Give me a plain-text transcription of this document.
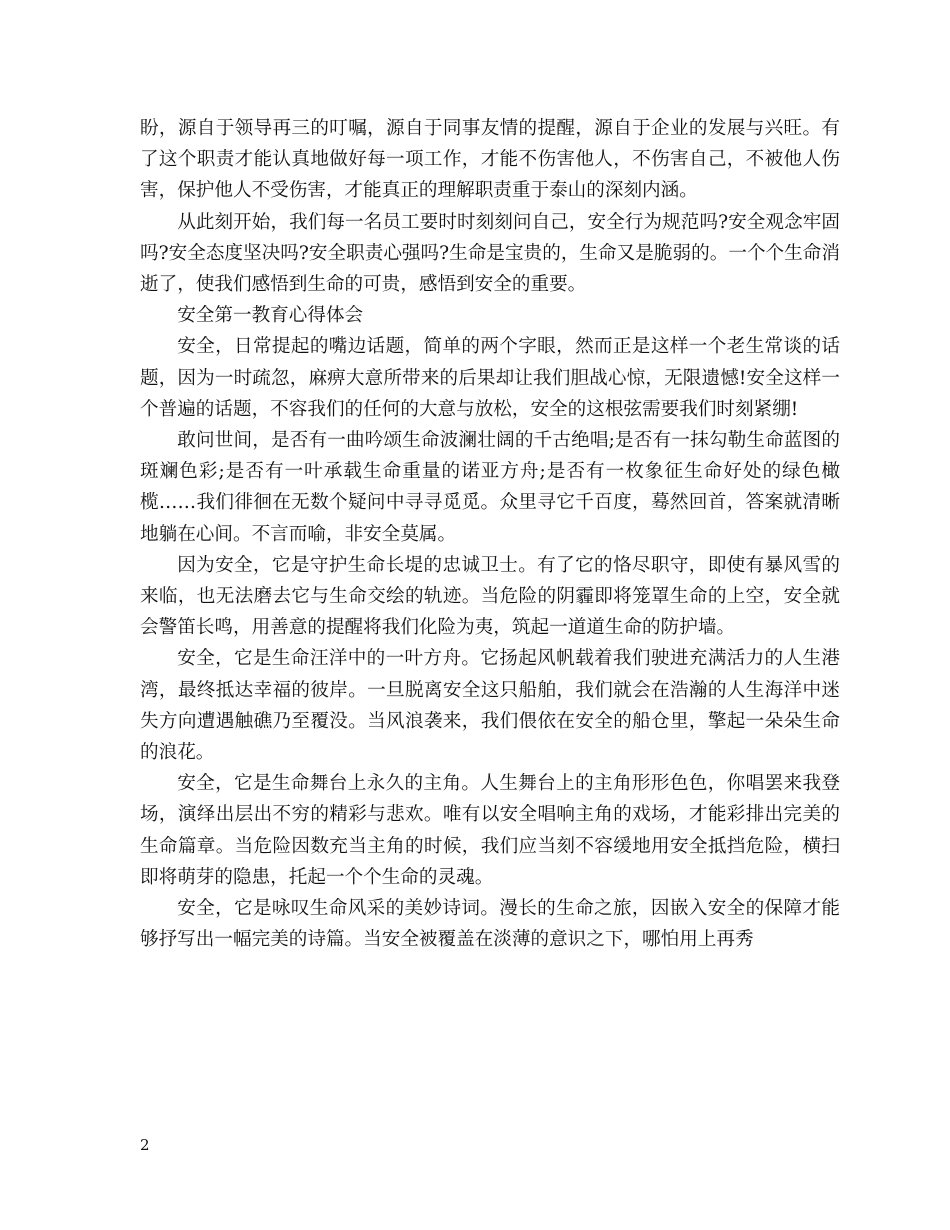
盼，源自于领导再三的叮嘱，源自于同事友情的提醒，源自于企业的发展与兴旺。有了这个职责才能认真地做好每一项工作，才能不伤害他人，不伤害自己，不被他人伤害，保护他人不受伤害，才能真正的理解职责重于泰山的深刻内涵。

从此刻开始，我们每一名员工要时时刻刻问自己，安全行为规范吗?安全观念牢固吗?安全态度坚决吗?安全职责心强吗?生命是宝贵的，生命又是脆弱的。一个个生命消逝了，使我们感悟到生命的可贵，感悟到安全的重要。

安全第一教育心得体会

安全，日常提起的嘴边话题，简单的两个字眼，然而正是这样一个老生常谈的话题，因为一时疏忽，麻痹大意所带来的后果却让我们胆战心惊，无限遗憾!安全这样一个普遍的话题，不容我们的任何的大意与放松，安全的这根弦需要我们时刻紧绷!

敢问世间，是否有一曲吟颂生命波澜壮阔的千古绝唱;是否有一抹勾勒生命蓝图的斑斓色彩;是否有一叶承载生命重量的诺亚方舟;是否有一枚象征生命好处的绿色橄榄……我们徘徊在无数个疑问中寻寻觅觅。众里寻它千百度，蓦然回首，答案就清晰地躺在心间。不言而喻，非安全莫属。

因为安全，它是守护生命长堤的忠诚卫士。有了它的恪尽职守，即使有暴风雪的来临，也无法磨去它与生命交绘的轨迹。当危险的阴霾即将笼罩生命的上空，安全就会警笛长鸣，用善意的提醒将我们化险为夷，筑起一道道生命的防护墙。

安全，它是生命汪洋中的一叶方舟。它扬起风帆载着我们驶进充满活力的人生港湾，最终抵达幸福的彼岸。一旦脱离安全这只船舶，我们就会在浩瀚的人生海洋中迷失方向遭遇触礁乃至覆没。当风浪袭来，我们偎依在安全的船仓里，擎起一朵朵生命的浪花。

安全，它是生命舞台上永久的主角。人生舞台上的主角形形色色，你唱罢来我登场，演绎出层出不穷的精彩与悲欢。唯有以安全唱响主角的戏场，才能彩排出完美的生命篇章。当危险因数充当主角的时候，我们应当刻不容缓地用安全抵挡危险，横扫即将萌芽的隐患，托起一个个生命的灵魂。

安全，它是咏叹生命风采的美妙诗词。漫长的生命之旅，因嵌入安全的保障才能够抒写出一幅完美的诗篇。当安全被覆盖在淡薄的意识之下，哪怕用上再秀

2
